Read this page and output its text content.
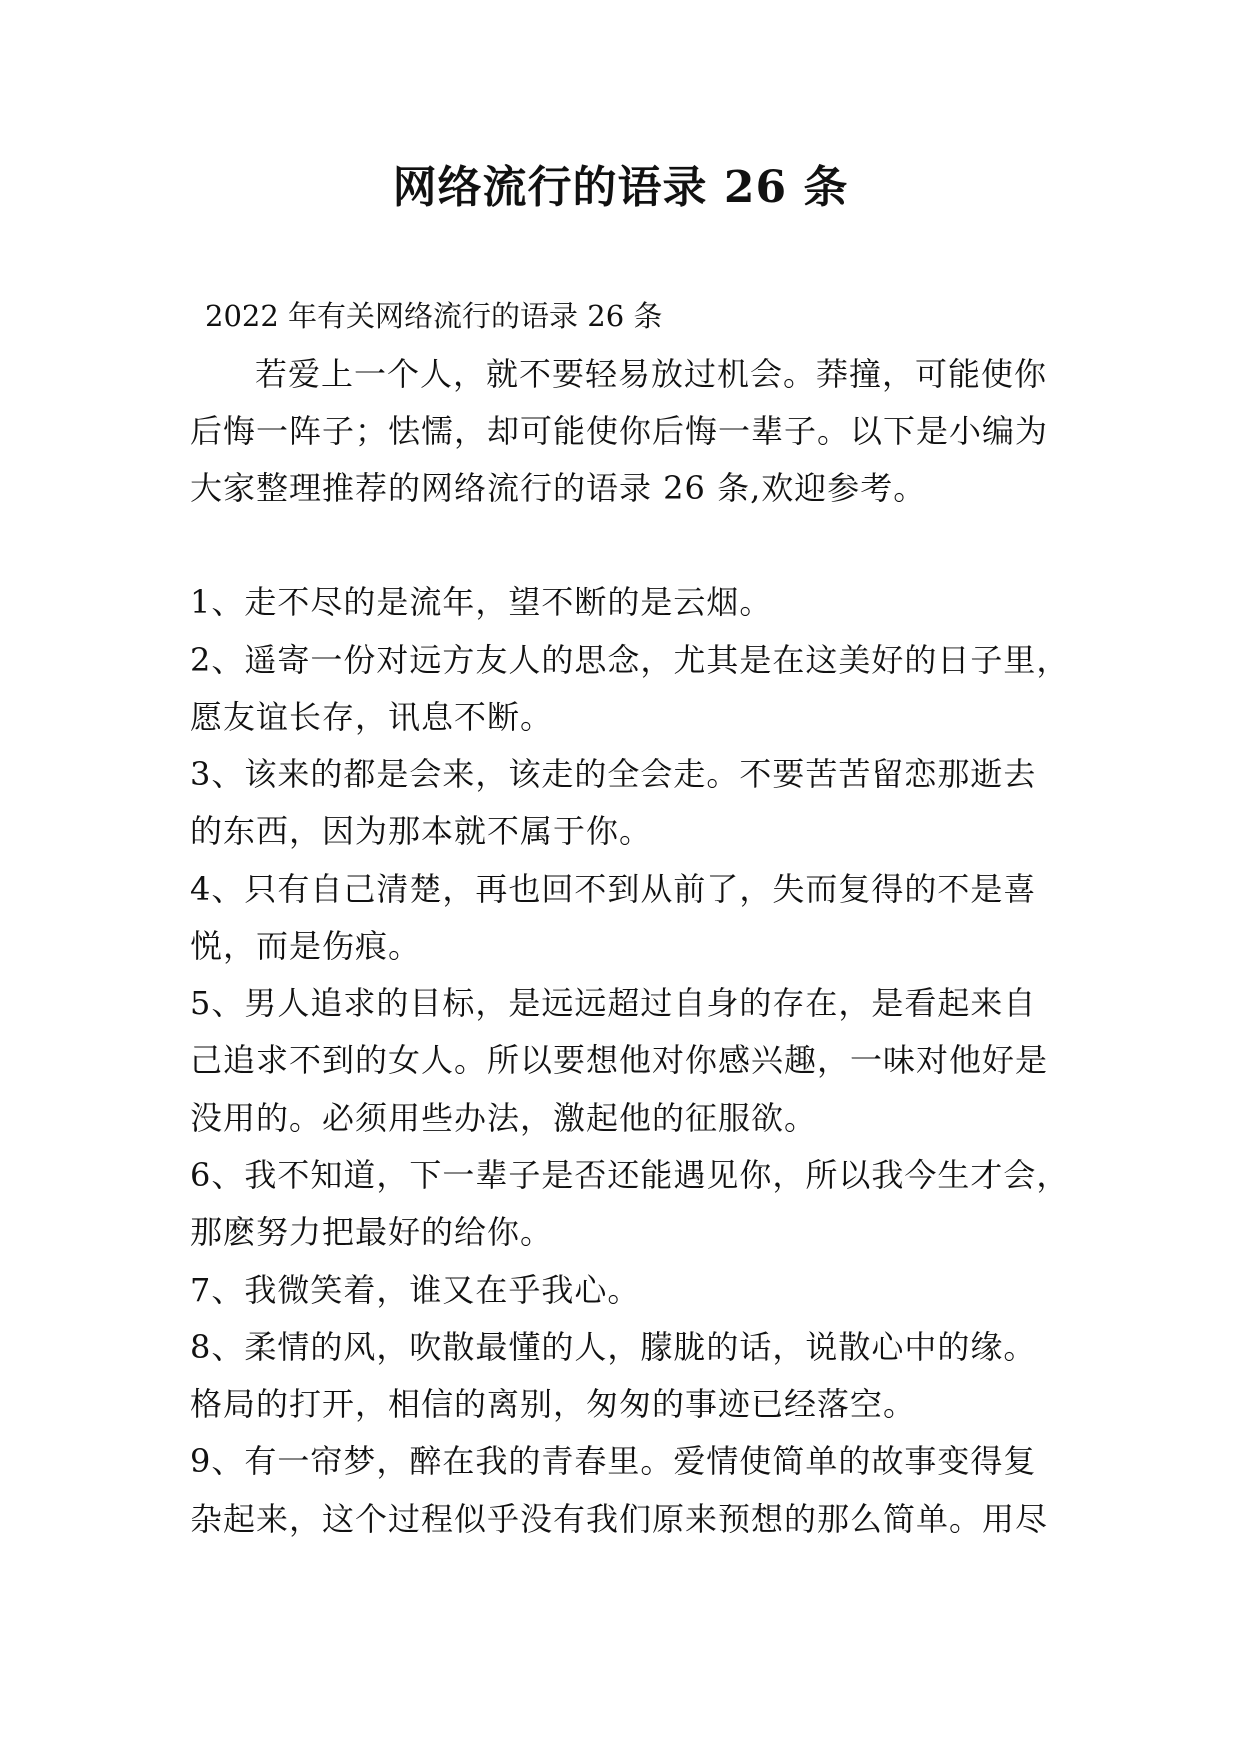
网络流行的语录 26 条
2022 年有关网络流行的语录 26 条
若爱上一个人，就不要轻易放过机会。莽撞，可能使你
后悔一阵子；怯懦，却可能使你后悔一辈子。以下是小编为
大家整理推荐的网络流行的语录 26 条,欢迎参考。
1、走不尽的是流年，望不断的是云烟。
2、遥寄一份对远方友人的思念，尤其是在这美好的日子里，
愿友谊长存，讯息不断。
3、该来的都是会来，该走的全会走。不要苦苦留恋那逝去
的东西，因为那本就不属于你。
4、只有自己清楚，再也回不到从前了，失而复得的不是喜
悦，而是伤痕。
5、男人追求的目标，是远远超过自身的存在，是看起来自
己追求不到的女人。所以要想他对你感兴趣，一味对他好是
没用的。必须用些办法，激起他的征服欲。
6、我不知道，下一辈子是否还能遇见你，所以我今生才会，
那麽努力把最好的给你。
7、我微笑着，谁又在乎我心。
8、柔情的风，吹散最懂的人，朦胧的话，说散心中的缘。
格局的打开，相信的离别，匆匆的事迹已经落空。
9、有一帘梦，醉在我的青春里。爱情使简单的故事变得复
杂起来，这个过程似乎没有我们原来预想的那么简单。用尽
